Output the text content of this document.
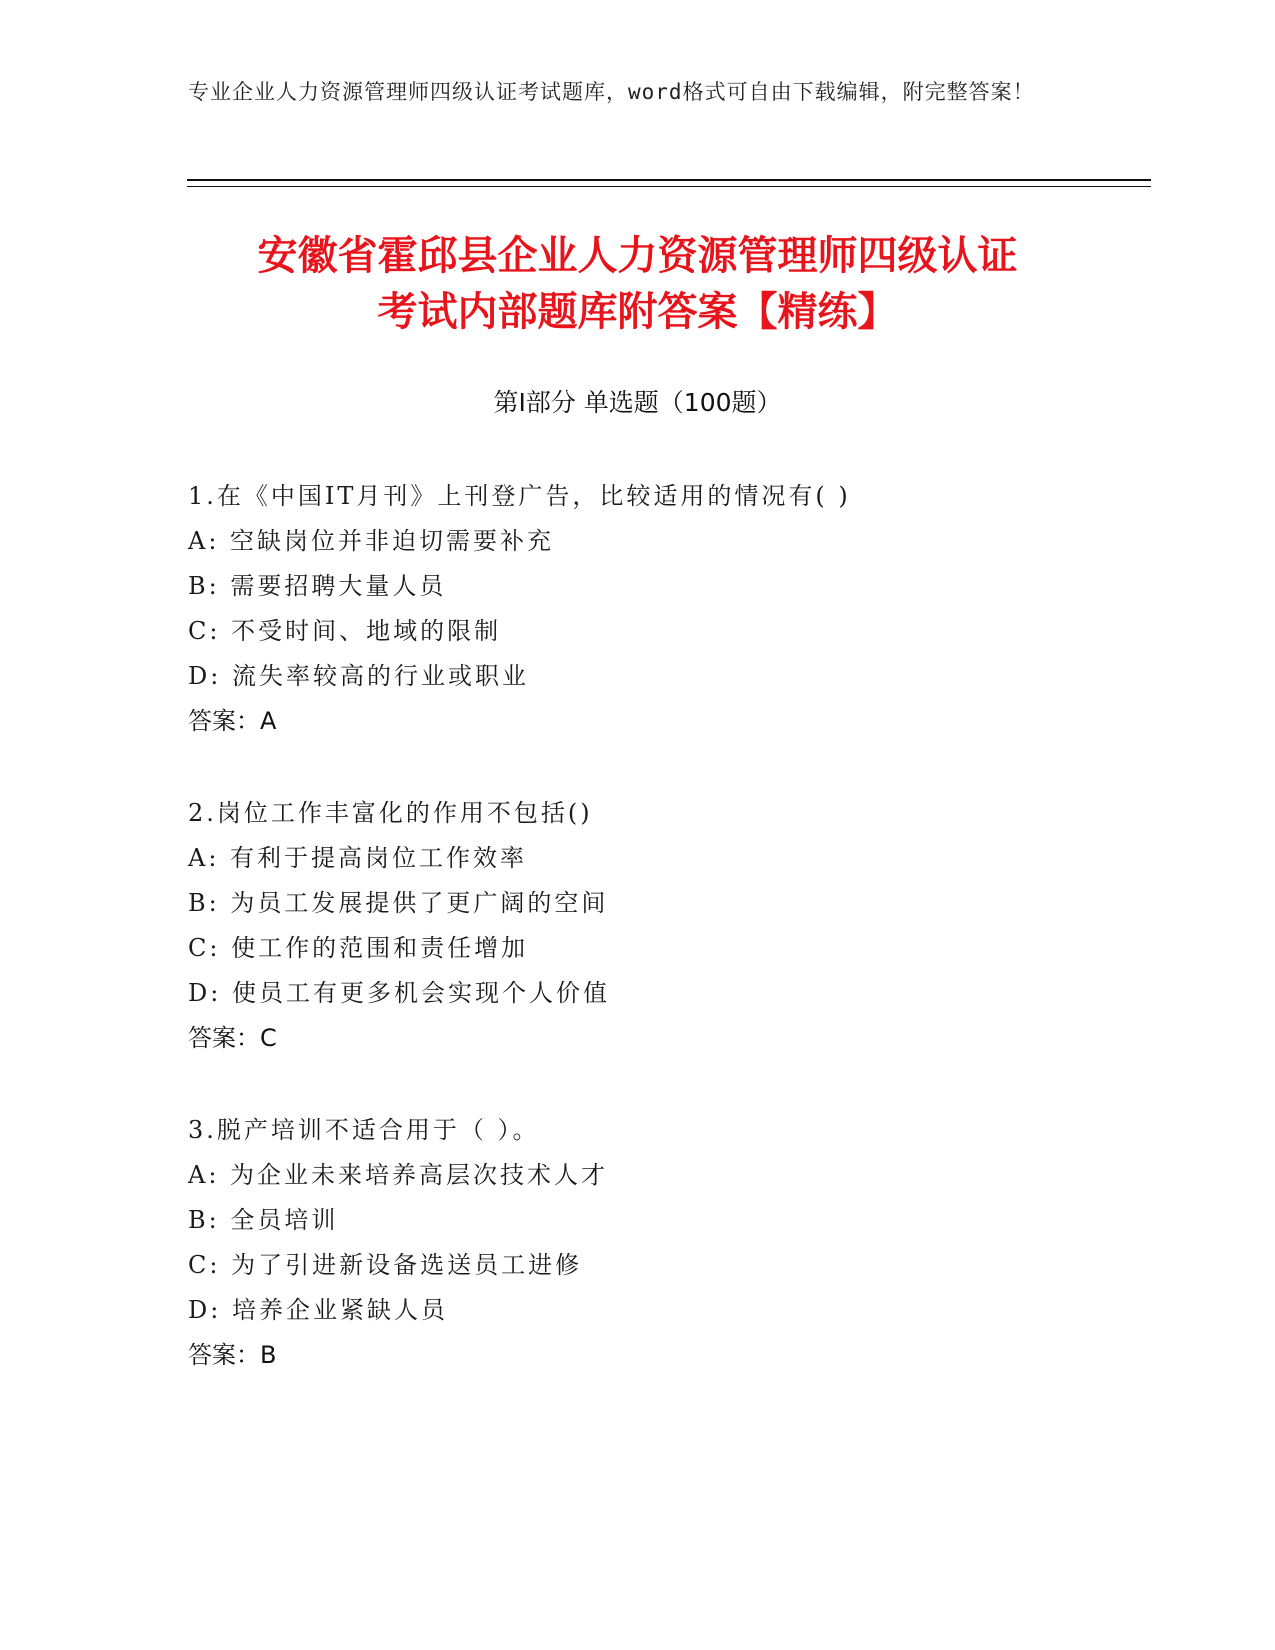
专业企业人力资源管理师四级认证考试题库，word格式可自由下载编辑，附完整答案！
安徽省霍邱县企业人力资源管理师四级认证
考试内部题库附答案【精练】
第Ⅰ部分 单选题（100题）
1.在《中国IT月刊》上刊登广告，比较适用的情况有( )
A: 空缺岗位并非迫切需要补充
B: 需要招聘大量人员
C: 不受时间、地域的限制
D: 流失率较高的行业或职业
答案：A
2.岗位工作丰富化的作用不包括()
A: 有利于提高岗位工作效率
B: 为员工发展提供了更广阔的空间
C: 使工作的范围和责任增加
D: 使员工有更多机会实现个人价值
答案：C
3.脱产培训不适合用于（ ）。
A: 为企业未来培养高层次技术人才
B: 全员培训
C: 为了引进新设备选送员工进修
D: 培养企业紧缺人员
答案：B
